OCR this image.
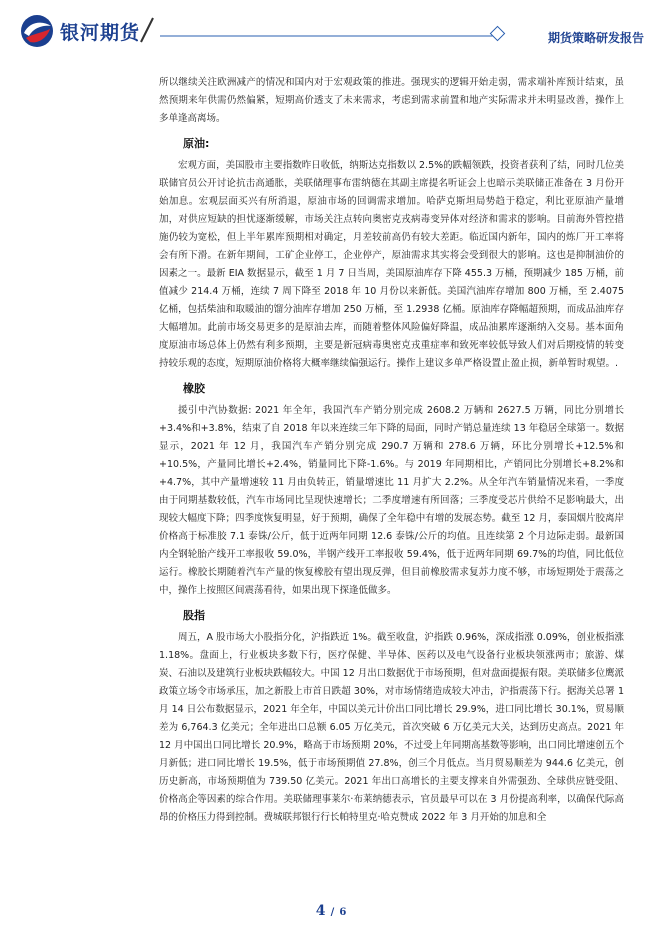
银河期货	期货策略研发报告

所以继续关注欧洲减产的情况和国内对于宏观政策的推进。强现实的逻辑开始走弱，需求端补库预计结束，虽然预期来年供需仍然偏紧，短期高价透支了未来需求，考虑到需求前置和地产实际需求并未明显改善，操作上多单逢高离场。

原油:

宏观方面，美国股市主要指数昨日收低，纳斯达克指数以 2.5%的跌幅领跌，投资者获利了结，同时几位美联储官员公开讨论抗击高通胀，美联储理事布雷纳德在其副主席提名听证会上也暗示美联储正准备在 3 月份开始加息。宏观层面买兴有所消退，原油市场的回调需求增加。哈萨克斯坦局势趋于稳定，利比亚原油产量增加，对供应短缺的担忧逐渐缓解，市场关注点转向奥密克戎病毒变异体对经济和需求的影响。目前海外管控措施仍较为宽松，但上半年累库预期相对确定，月差较前高仍有较大差距。临近国内新年，国内的炼厂开工率将会有所下滑。在新年期间，工矿企业停工，企业停产，原油需求其实将会受到很大的影响。这也是抑制油价的因素之一。最新 EIA 数据显示，截至 1 月 7 日当周，美国原油库存下降 455.3 万桶，预期减少 185 万桶，前值减少 214.4 万桶，连续 7 周下降至 2018 年 10 月份以来新低。美国汽油库存增加 800 万桶，至 2.4075 亿桶，包括柴油和取暖油的馏分油库存增加 250 万桶，至 1.2938 亿桶。原油库存降幅超预期，而成品油库存大幅增加。此前市场交易更多的是原油去库，而随着整体风险偏好降温，成品油累库逐渐纳入交易。基本面角度原油市场总体上仍然有利多预期，主要是新冠病毒奥密克戎重症率和致死率较低导致人们对后期疫情的转变持较乐观的态度，短期原油价格将大概率继续偏强运行。操作上建议多单严格设置止盈止损，新单暂时观望。.

橡胶

援引中汽协数据: 2021 年全年，我国汽车产销分别完成 2608.2 万辆和 2627.5 万辆，同比分别增长+3.4%和+3.8%，结束了自 2018 年以来连续三年下降的局面，同时产销总量连续 13 年稳居全球第一。数据显示，2021 年 12 月，我国汽车产销分别完成 290.7 万辆和 278.6 万辆，环比分别增长+12.5%和+10.5%，产量同比增长+2.4%，销量同比下降-1.6%。与 2019 年同期相比，产销同比分别增长+8.2%和+4.7%，其中产量增速较 11 月由负转正，销量增速比 11 月扩大 2.2%。从全年汽车销量情况来看，一季度由于同期基数较低，汽车市场同比呈现快速增长；二季度增速有所回落；三季度受芯片供给不足影响最大，出现较大幅度下降；四季度恢复明显，好于预期，确保了全年稳中有增的发展态势。截至 12 月，泰国烟片胶离岸价格高于标准胶 7.1 泰铢/公斤，低于近两年同期 12.6 泰铢/公斤的均值。且连续第 2 个月边际走弱。最新国内全钢轮胎产线开工率报收 59.0%，半钢产线开工率报收 59.4%，低于近两年同期 69.7%的均值，同比低位运行。橡胶长期随着汽车产量的恢复橡胶有望出现反弹，但目前橡胶需求复苏力度不够，市场短期处于震荡之中，操作上按照区间震荡看待，如果出现下探逢低做多。

股指

周五，A 股市场大小股指分化，沪指跌近 1%。截至收盘，沪指跌 0.96%，深成指涨 0.09%，创业板指涨 1.18%。盘面上，行业板块多数下行，医疗保健、半导体、医药以及电气设备行业板块领涨两市；旅游、煤炭、石油以及建筑行业板块跌幅较大。中国 12 月出口数据优于市场预期，但对盘面提振有限。美联储多位鹰派政策立场令市场承压，加之新股上市首日跌超 30%，对市场情绪造成较大冲击，沪指震荡下行。据海关总署 1 月 14 日公布数据显示，2021 年全年，中国以美元计价出口同比增长 29.9%，进口同比增长 30.1%，贸易顺差为 6,764.3 亿美元；全年进出口总额 6.05 万亿美元，首次突破 6 万亿美元大关，达到历史高点。2021 年 12 月中国出口同比增长 20.9%，略高于市场预期 20%，不过受上年同期高基数等影响，出口同比增速创五个月新低；进口同比增长 19.5%，低于市场预期值 27.8%，创三个月低点。当月贸易顺差为 944.6 亿美元，创历史新高，市场预期值为 739.50 亿美元。2021 年出口高增长的主要支撑来自外需强劲、全球供应链受阻、价格高企等因素的综合作用。美联储理事莱尔·布莱纳德表示，官员最早可以在 3 月份提高利率，以确保代际高昂的价格压力得到控制。费城联邦银行行长帕特里克·哈克赞成 2022 年 3 月开始的加息和全

4 / 6
